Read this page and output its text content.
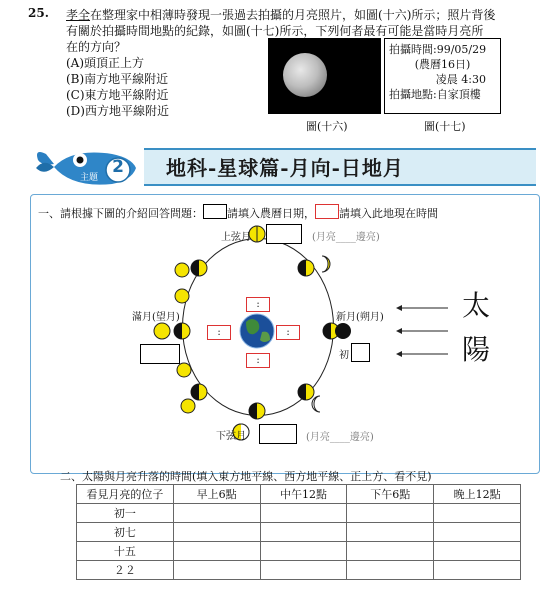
25. 孝全在整理家中相薄時發現一張過去拍攝的月亮照片，如圖(十六)所示；照片背後
有關於拍攝時間地點的紀錄，如圖(十七)所示，下列何者最有可能是當時月亮所
在的方向？
(A)頭頂正上方
(B)南方地平線附近
(C)東方地平線附近
(D)西方地平線附近
拍攝時間:99/05/29
(農曆16日)
凌晨 4:30
拍攝地點:自家頂樓
圖(十六)	圖(十七)
主題
2 地科-星球篇-月向-日地月
一、請根據下圖的介紹回答問題： 請填入農曆日期， 請填入此地現在時間
:
:	:
:
上弦月	(月亮____邊亮)
滿月(望月)	新月(朔月)
初
下弦月	(月亮____邊亮)
太
陽
二、太陽與月亮升落的時間(填入東方地平線、西方地平線、正上方、看不見)
看見月亮的位子	早上6點	中午12點	下午6點	晚上12點
初一				
初七				
十五				
２２				
